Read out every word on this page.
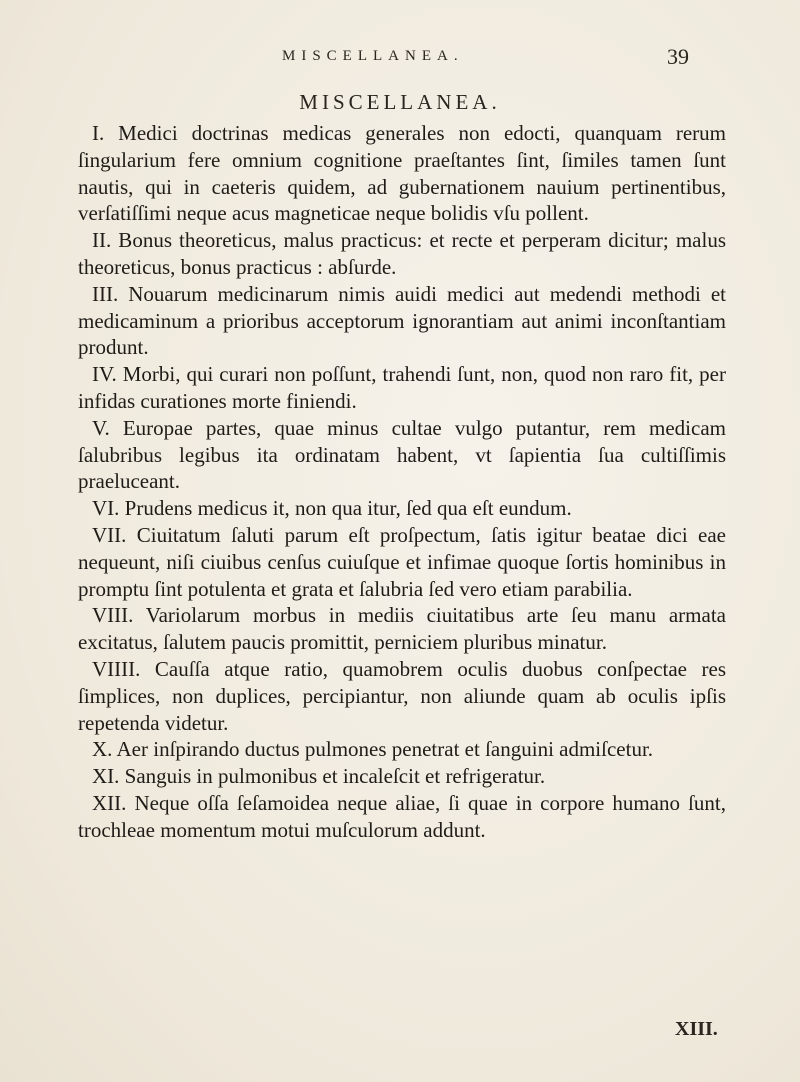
MISCELLANEA.	39
MISCELLANEA.

I. Medici doctrinas medicas generales non edocti, quanquam rerum ſingularium fere omnium cognitione praeſtantes ſint, ſimiles tamen ſunt nautis, qui in caeteris quidem, ad gubernationem nauium pertinentibus, verſatiſſimi neque acus magneticae neque bolidis vſu pollent.

II. Bonus theoreticus, malus practicus: et recte et perperam dicitur; malus theoreticus, bonus practicus : abſurde.

III. Nouarum medicinarum nimis auidi medici aut medendi methodi et medicaminum a prioribus acceptorum ignorantiam aut animi inconſtantiam produnt.

IV. Morbi, qui curari non poſſunt, trahendi ſunt, non, quod non raro fit, per infidas curationes morte finiendi.

V. Europae partes, quae minus cultae vulgo putantur, rem medicam ſalubribus legibus ita ordinatam habent, vt ſapientia ſua cultiſſimis praeluceant.

VI. Prudens medicus it, non qua itur, ſed qua eſt eundum.

VII. Ciuitatum ſaluti parum eſt proſpectum, ſatis igitur beatae dici eae nequeunt, niſi ciuibus cenſus cuiuſque et infimae quoque ſortis hominibus in promptu ſint potulenta et grata et ſalubria ſed vero etiam parabilia.

VIII. Variolarum morbus in mediis ciuitatibus arte ſeu manu armata excitatus, ſalutem paucis promittit, perniciem pluribus minatur.

VIIII. Cauſſa atque ratio, quamobrem oculis duobus conſpectae res ſimplices, non duplices, percipiantur, non aliunde quam ab oculis ipſis repetenda videtur.

X. Aer inſpirando ductus pulmones penetrat et ſanguini admiſcetur.

XI. Sanguis in pulmonibus et incaleſcit et refrigeratur.

XII. Neque oſſa ſeſamoidea neque aliae, ſi quae in corpore humano ſunt, trochleae momentum motui muſculorum addunt.

XIII.
